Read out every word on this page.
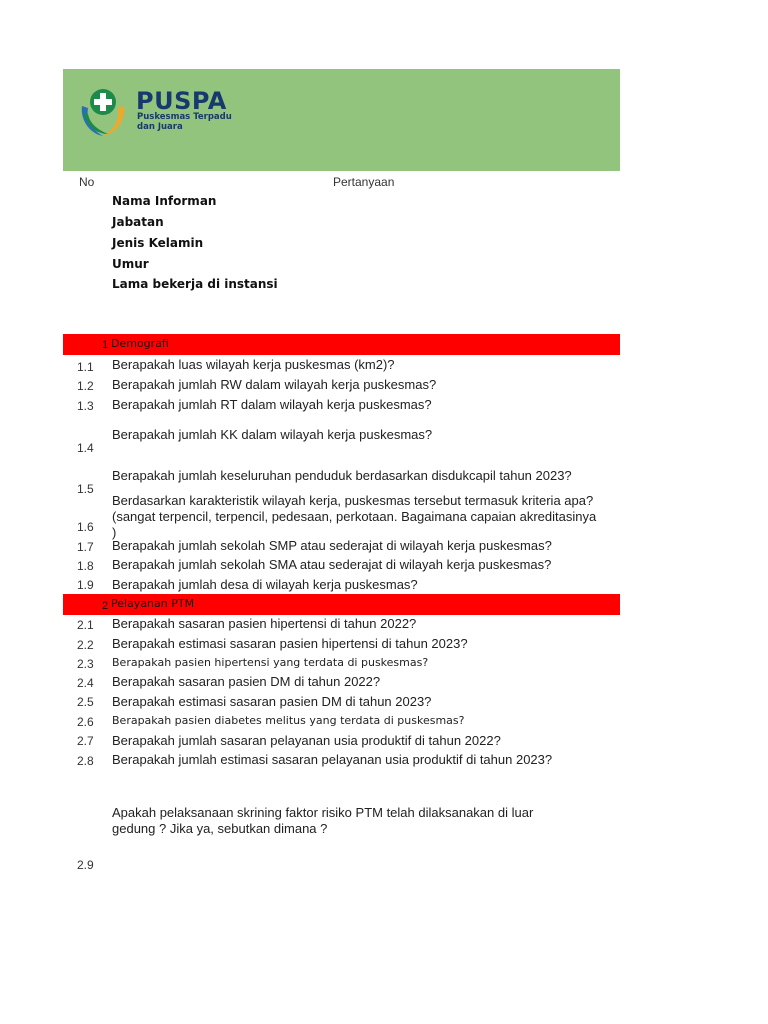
PUSPA
Puskesmas Terpadu
dan Juara
No	Pertanyaan
Nama Informan
Jabatan
Jenis Kelamin
Umur
Lama bekerja di instansi
1 Demografi
1.1 Berapakah luas wilayah kerja puskesmas (km2)?
1.2 Berapakah jumlah RW dalam wilayah kerja puskesmas?
1.3 Berapakah jumlah RT dalam wilayah kerja puskesmas?
1.4
Berapakah jumlah KK dalam wilayah kerja puskesmas?
1.5
Berapakah jumlah keseluruhan penduduk berdasarkan disdukcapil tahun 2023?
1.6
Berdasarkan karakteristik wilayah kerja, puskesmas tersebut termasuk kriteria apa? (sangat terpencil, terpencil, pedesaan, perkotaan. Bagaimana capaian akreditasinya )
1.7 Berapakah jumlah sekolah SMP atau sederajat di wilayah kerja puskesmas?
1.8 Berapakah jumlah sekolah SMA atau sederajat di wilayah kerja puskesmas?
1.9 Berapakah jumlah desa di wilayah kerja puskesmas?
2 Pelayanan PTM
2.1 Berapakah sasaran pasien hipertensi di tahun 2022?
2.2 Berapakah estimasi sasaran pasien hipertensi di tahun 2023?
2.3 Berapakah pasien hipertensi yang terdata di puskesmas?
2.4 Berapakah sasaran pasien DM di tahun 2022?
2.5 Berapakah estimasi sasaran pasien DM di tahun 2023?
2.6 Berapakah pasien diabetes melitus yang terdata di puskesmas?
2.7 Berapakah jumlah sasaran pelayanan usia produktif di tahun 2022?
2.8 Berapakah jumlah estimasi sasaran pelayanan usia produktif di tahun 2023?
2.9
Apakah pelaksanaan skrining faktor risiko PTM telah dilaksanakan di luar gedung ? Jika ya, sebutkan dimana ?
